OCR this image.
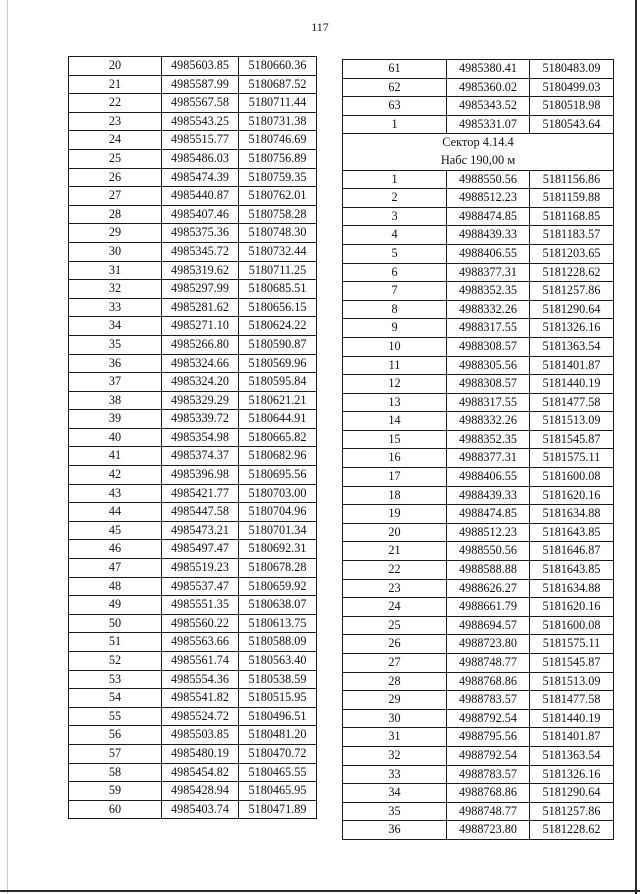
117
20	4985603.85	5180660.36
21	4985587.99	5180687.52
22	4985567.58	5180711.44
23	4985543.25	5180731.38
24	4985515.77	5180746.69
25	4985486.03	5180756.89
26	4985474.39	5180759.35
27	4985440.87	5180762.01
28	4985407.46	5180758.28
29	4985375.36	5180748.30
30	4985345.72	5180732.44
31	4985319.62	5180711.25
32	4985297.99	5180685.51
33	4985281.62	5180656.15
34	4985271.10	5180624.22
35	4985266.80	5180590.87
36	4985324.66	5180569.96
37	4985324.20	5180595.84
38	4985329.29	5180621.21
39	4985339.72	5180644.91
40	4985354.98	5180665.82
41	4985374.37	5180682.96
42	4985396.98	5180695.56
43	4985421.77	5180703.00
44	4985447.58	5180704.96
45	4985473.21	5180701.34
46	4985497.47	5180692.31
47	4985519.23	5180678.28
48	4985537.47	5180659.92
49	4985551.35	5180638.07
50	4985560.22	5180613.75
51	4985563.66	5180588.09
52	4985561.74	5180563.40
53	4985554.36	5180538.59
54	4985541.82	5180515.95
55	4985524.72	5180496.51
56	4985503.85	5180481.20
57	4985480.19	5180470.72
58	4985454.82	5180465.55
59	4985428.94	5180465.95
60	4985403.74	5180471.89
61	4985380.41	5180483.09
62	4985360.02	5180499.03
63	4985343.52	5180518.98
1	4985331.07	5180543.64

Сектор 4.14.4
Набс 190,00 м		

1	4988550.56	5181156.86
2	4988512.23	5181159.88
3	4988474.85	5181168.85
4	4988439.33	5181183.57
5	4988406.55	5181203.65
6	4988377.31	5181228.62
7	4988352.35	5181257.86
8	4988332.26	5181290.64
9	4988317.55	5181326.16
10	4988308.57	5181363.54
11	4988305.56	5181401.87
12	4988308.57	5181440.19
13	4988317.55	5181477.58
14	4988332.26	5181513.09
15	4988352.35	5181545.87
16	4988377.31	5181575.11
17	4988406.55	5181600.08
18	4988439.33	5181620.16
19	4988474.85	5181634.88
20	4988512.23	5181643.85
21	4988550.56	5181646.87
22	4988588.88	5181643.85
23	4988626.27	5181634.88
24	4988661.79	5181620.16
25	4988694.57	5181600.08
26	4988723.80	5181575.11
27	4988748.77	5181545.87
28	4988768.86	5181513.09
29	4988783.57	5181477.58
30	4988792.54	5181440.19
31	4988795.56	5181401.87
32	4988792.54	5181363.54
33	4988783.57	5181326.16
34	4988768.86	5181290.64
35	4988748.77	5181257.86
36	4988723.80	5181228.62
